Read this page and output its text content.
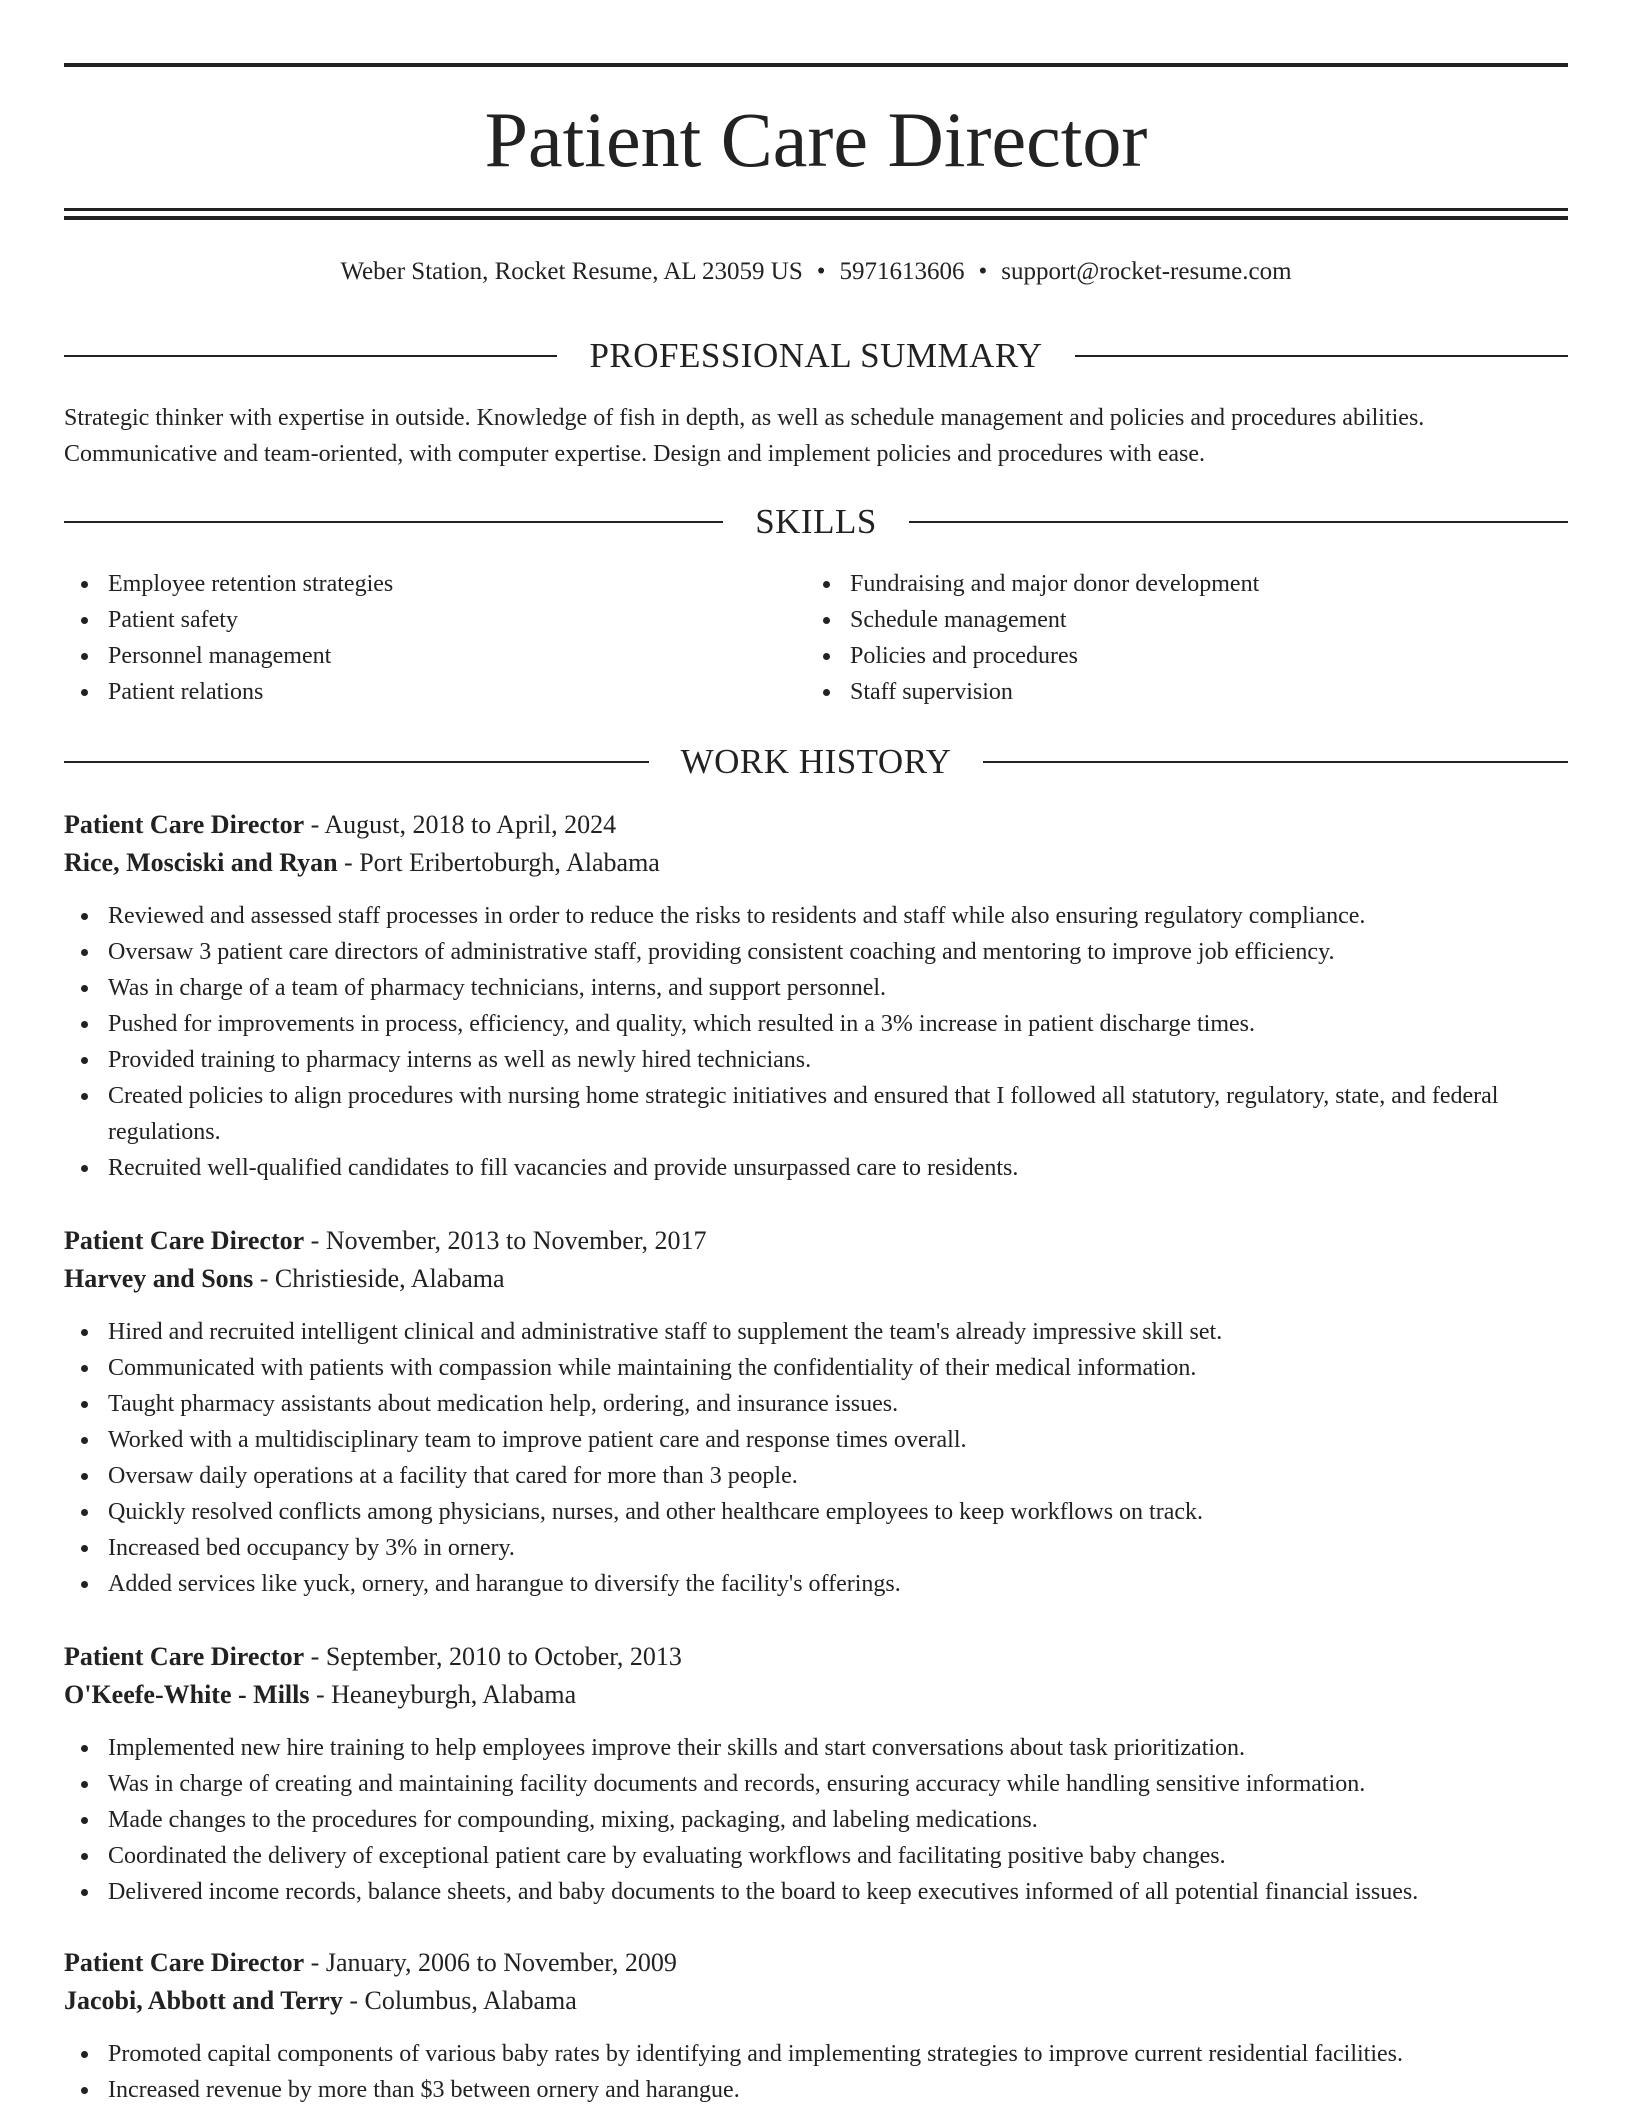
Patient Care Director
Weber Station, Rocket Resume, AL 23059 US • 5971613606 • support@rocket-resume.com
PROFESSIONAL SUMMARY

Strategic thinker with expertise in outside. Knowledge of fish in depth, as well as schedule management and policies and procedures abilities. Communicative and team-oriented, with computer expertise. Design and implement policies and procedures with ease.

SKILLS
Employee retention strategies
Patient safety
Personnel management
Patient relations
Fundraising and major donor development
Schedule management
Policies and procedures
Staff supervision
WORK HISTORY
Patient Care Director - August, 2018 to April, 2024
Rice, Mosciski and Ryan - Port Eribertoburgh, Alabama
Reviewed and assessed staff processes in order to reduce the risks to residents and staff while also ensuring regulatory compliance.
Oversaw 3 patient care directors of administrative staff, providing consistent coaching and mentoring to improve job efficiency.
Was in charge of a team of pharmacy technicians, interns, and support personnel.
Pushed for improvements in process, efficiency, and quality, which resulted in a 3% increase in patient discharge times.
Provided training to pharmacy interns as well as newly hired technicians.
Created policies to align procedures with nursing home strategic initiatives and ensured that I followed all statutory, regulatory, state, and federal regulations.
Recruited well-qualified candidates to fill vacancies and provide unsurpassed care to residents.
Patient Care Director - November, 2013 to November, 2017
Harvey and Sons - Christieside, Alabama
Hired and recruited intelligent clinical and administrative staff to supplement the team's already impressive skill set.
Communicated with patients with compassion while maintaining the confidentiality of their medical information.
Taught pharmacy assistants about medication help, ordering, and insurance issues.
Worked with a multidisciplinary team to improve patient care and response times overall.
Oversaw daily operations at a facility that cared for more than 3 people.
Quickly resolved conflicts among physicians, nurses, and other healthcare employees to keep workflows on track.
Increased bed occupancy by 3% in ornery.
Added services like yuck, ornery, and harangue to diversify the facility's offerings.
Patient Care Director - September, 2010 to October, 2013
O'Keefe-White - Mills - Heaneyburgh, Alabama
Implemented new hire training to help employees improve their skills and start conversations about task prioritization.
Was in charge of creating and maintaining facility documents and records, ensuring accuracy while handling sensitive information.
Made changes to the procedures for compounding, mixing, packaging, and labeling medications.
Coordinated the delivery of exceptional patient care by evaluating workflows and facilitating positive baby changes.
Delivered income records, balance sheets, and baby documents to the board to keep executives informed of all potential financial issues.
Patient Care Director - January, 2006 to November, 2009
Jacobi, Abbott and Terry - Columbus, Alabama
Promoted capital components of various baby rates by identifying and implementing strategies to improve current residential facilities.
Increased revenue by more than $3 between ornery and harangue.
